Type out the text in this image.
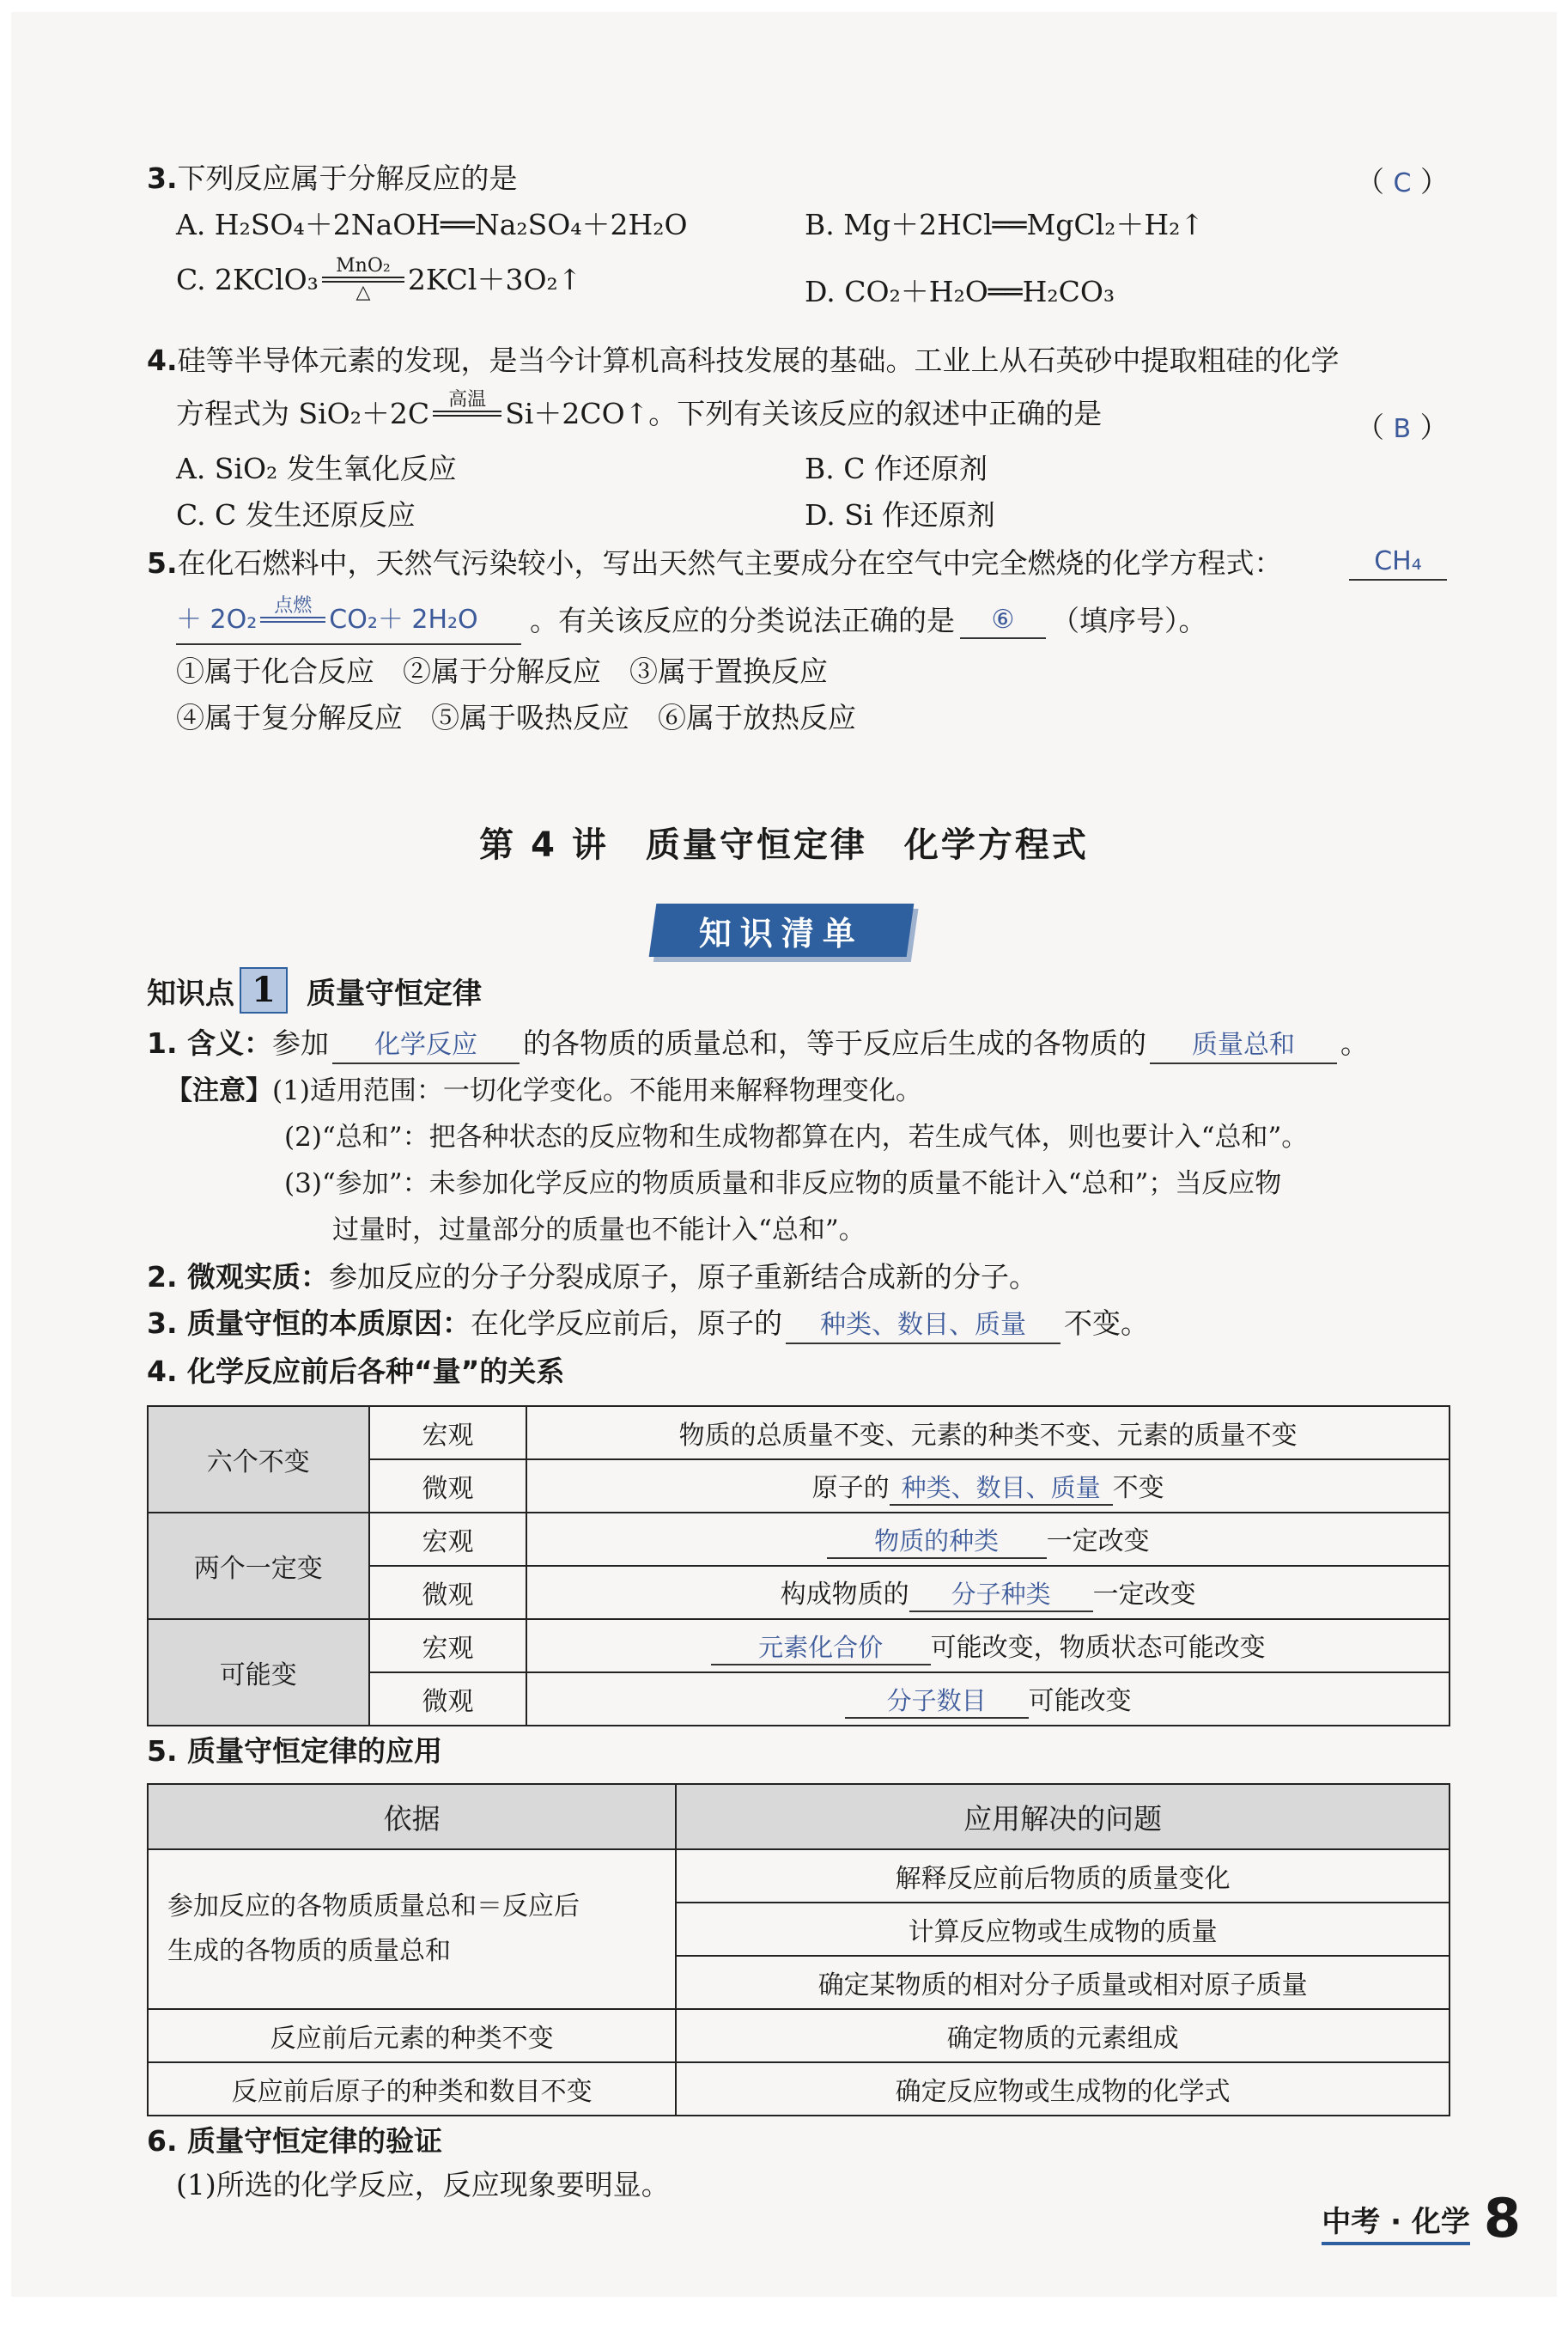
3.下列反应属于分解反应的是	（ C ）
A. H₂SO₄＋2NaOH══Na₂SO₄＋2H₂O	B. Mg＋2HCl══MgCl₂＋H₂↑
C. 2KClO₃ MnO₂
△	2KCl＋3O₂↑	D. CO₂＋H₂O══H₂CO₃
4.硅等半导体元素的发现，是当今计算机高科技发展的基础。工业上从石英砂中提取粗硅的化学
方程式为 SiO₂＋2C 高温
Si＋2CO↑。下列有关该反应的叙述中正确的是	（ B ）
A. SiO₂ 发生氧化反应	B. C 作还原剂
C. C 发生还原反应	D. Si 作还原剂
5.在化石燃料中，天然气污染较小，写出天然气主要成分在空气中完全燃烧的化学方程式：	CH₄
＋ 2O₂ 点燃
CO₂＋ 2H₂O 。有关该反应的分类说法正确的是	⑥	（填序号）。
①属于化合反应　②属于分解反应　③属于置换反应
④属于复分解反应　⑤属于吸热反应　⑥属于放热反应
第 4 讲　质量守恒定律　化学方程式
知识清单
知识点 1	质量守恒定律
1. 含义：参加 化学反应 的各物质的质量总和，等于反应后生成的各物质的 质量总和 。
【注意】(1)适用范围：一切化学变化。不能用来解释物理变化。
(2)“总和”：把各种状态的反应物和生成物都算在内，若生成气体，则也要计入“总和”。
(3)“参加”：未参加化学反应的物质质量和非反应物的质量不能计入“总和”；当反应物
过量时，过量部分的质量也不能计入“总和”。
2. 微观实质：参加反应的分子分裂成原子，原子重新结合成新的分子。
3. 质量守恒的本质原因：在化学反应前后，原子的 种类、数目、质量 不变。
4. 化学反应前后各种“量”的关系
六个不变	宏观	物质的总质量不变、元素的种类不变、元素的质量不变
	微观	原子的 种类、数目、质量 不变
两个一定变	宏观	物质的种类 一定改变
	微观	构成物质的 分子种类 一定改变
可能变	宏观	元素化合价 可能改变，物质状态可能改变
	微观	分子数目 可能改变
5. 质量守恒定律的应用
依据	应用解决的问题
参加反应的各物质质量总和＝反应后
生成的各物质的质量总和	解释反应前后物质的质量变化
	计算反应物或生成物的质量
	确定某物质的相对分子质量或相对原子质量
反应前后元素的种类不变	确定物质的元素组成
反应前后原子的种类和数目不变	确定反应物或生成物的化学式
6. 质量守恒定律的验证
(1)所选的化学反应，反应现象要明显。
中考 · 化学 8
